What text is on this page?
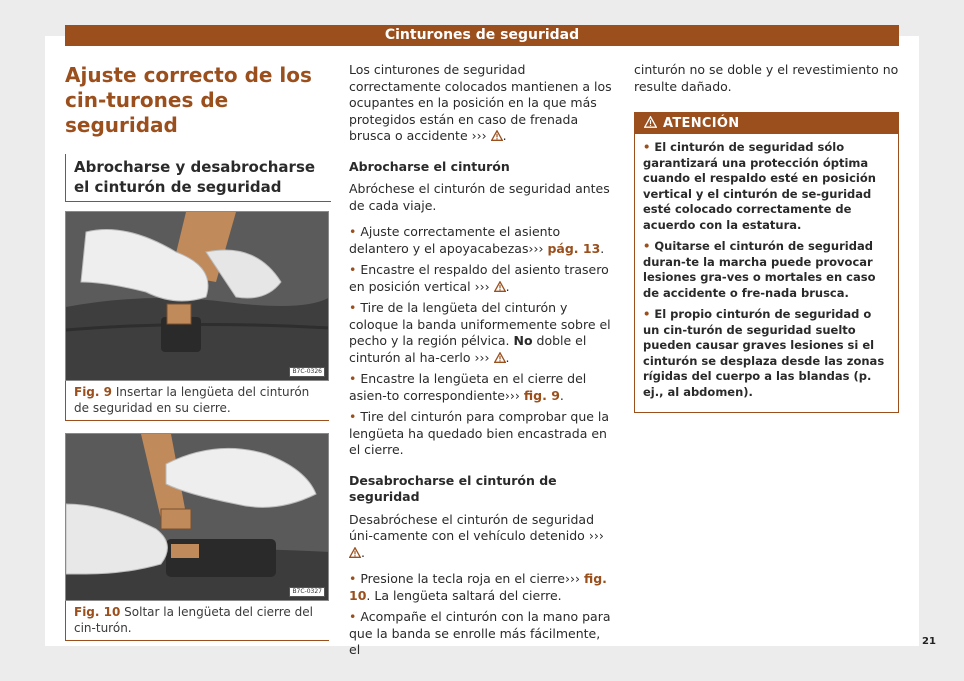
Cinturones de seguridad
Ajuste correcto de los cin-turones de seguridad
Abrocharse y desabrocharse el cinturón de seguridad
B7C-0326
Fig. 9 Insertar la lengüeta del cinturón de seguridad en su cierre.
B7C-0327
Fig. 10 Soltar la lengüeta del cierre del cin-turón.
Los cinturones de seguridad correctamente colocados mantienen a los ocupantes en la posición en la que más protegidos están en caso de frenada brusca o accidente ››› .
Abrocharse el cinturón
Abróchese el cinturón de seguridad antes de cada viaje.
• Ajuste correctamente el asiento delantero y el apoyacabezas››› pág. 13.
• Encastre el respaldo del asiento trasero en posición vertical ››› .
• Tire de la lengüeta del cinturón y coloque la banda uniformemente sobre el pecho y la región pélvica. No doble el cinturón al ha-cerlo ››› .
• Encastre la lengüeta en el cierre del asien-to correspondiente››› fig. 9.
• Tire del cinturón para comprobar que la lengüeta ha quedado bien encastrada en el cierre.
Desabrocharse el cinturón de seguridad
Desabróchese el cinturón de seguridad úni-camente con el vehículo detenido ››› .
• Presione la tecla roja en el cierre››› fig. 10. La lengüeta saltará del cierre.
• Acompañe el cinturón con la mano para que la banda se enrolle más fácilmente, el
cinturón no se doble y el revestimiento no resulte dañado.
ATENCIÓN
• El cinturón de seguridad sólo garantizará una protección óptima cuando el respaldo esté en posición vertical y el cinturón de se-guridad esté colocado correctamente de acuerdo con la estatura.
• Quitarse el cinturón de seguridad duran-te la marcha puede provocar lesiones gra-ves o mortales en caso de accidente o fre-nada brusca.
• El propio cinturón de seguridad o un cin-turón de seguridad suelto pueden causar graves lesiones si el cinturón se desplaza desde las zonas rígidas del cuerpo a las blandas (p. ej., al abdomen).
21
